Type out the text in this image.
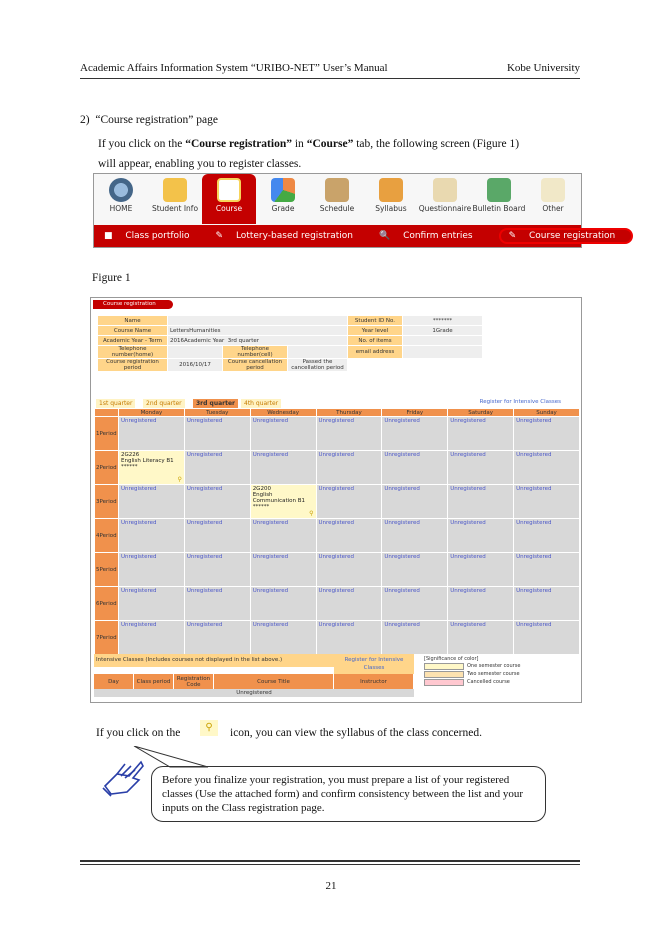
Academic Affairs Information System “URIBO-NET” User’s Manual	Kobe University
2) “Course registration” page
If you click on the “Course registration” in “Course” tab, the following screen (Figure 1)
will appear, enabling you to register classes.
HOME	Student Info	Course	Grade	Schedule	Syllabus	Questionnaire Bulletin Board	Other
■ Class portfolio	✎ Lottery-based registration	🔍 Confirm entries	✎ Course registration
Figure 1
Course registration
Name				Student ID No.	*******
Course Name	LettersHumanities			Year level	1Grade
Academic Year - Term	2016Academic Year 3rd quarter			No. of items	
Telephone number(home)		Telephone number(cell)		email address	
Course registration period	2016/10/17	Course cancellation period	Passed the cancellation period		
1st quarter	2nd quarter	3rd quarter	4th quarter	Register for Intensive Classes
	Monday	Tuesday	Wednesday	Thursday	Friday	Saturday	Sunday
1Period	Unregistered	Unregistered	Unregistered	Unregistered	Unregistered	Unregistered	Unregistered
2Period	2G226
English Literacy B1
******
⚲	Unregistered	Unregistered	Unregistered	Unregistered	Unregistered	Unregistered
3Period	Unregistered	Unregistered	2G200
English Communication B1
******
⚲	Unregistered	Unregistered	Unregistered	Unregistered
4Period	Unregistered	Unregistered	Unregistered	Unregistered	Unregistered	Unregistered	Unregistered
5Period	Unregistered	Unregistered	Unregistered	Unregistered	Unregistered	Unregistered	Unregistered
6Period	Unregistered	Unregistered	Unregistered	Unregistered	Unregistered	Unregistered	Unregistered
7Period	Unregistered	Unregistered	Unregistered	Unregistered	Unregistered	Unregistered	Unregistered
Intensive Classes (Includes courses not displayed in the list above.)	Register for Intensive Classes
Day	Class period	Registration Code	Course Title	Instructor
Unregistered
[Significance of color]
One semester course
Two semester course
Cancelled course
If you click on the	⚲	icon, you can view the syllabus of the class concerned.
Before you finalize your registration, you must prepare a list of your registered classes (Use the attached form) and confirm consistency between the list and your inputs on the Class registration page.
21
